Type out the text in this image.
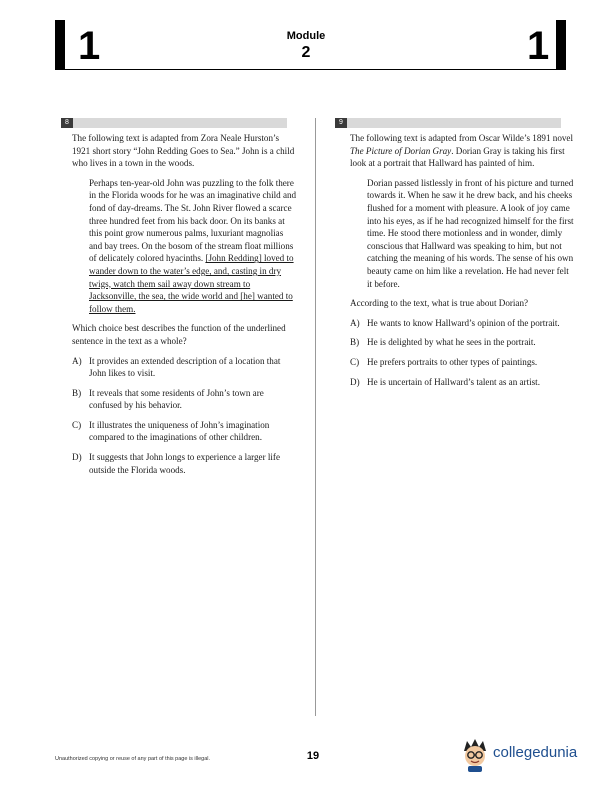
1	Module
2	1
8	9

The following text is adapted from Zora Neale Hurston’s 1921 short story “John Redding Goes to Sea.” John is a child who lives in a town in the woods.

Perhaps ten-year-old John was puzzling to the folk there in the Florida woods for he was an imaginative child and fond of day-dreams. The St. John River flowed a scarce three hundred feet from his back door. On its banks at this point grow numerous palms, luxuriant magnolias and bay trees. On the bosom of the stream float millions of delicately colored hyacinths. [John Redding] loved to wander down to the water’s edge, and, casting in dry twigs, watch them sail away down stream to Jacksonville, the sea, the wide world and [he] wanted to follow them.

Which choice best describes the function of the underlined sentence in the text as a whole?

A) It provides an extended description of a location that John likes to visit.
B) It reveals that some residents of John’s town are confused by his behavior.
C) It illustrates the uniqueness of John’s imagination compared to the imaginations of other children.
D) It suggests that John longs to experience a larger life outside the Florida woods.

The following text is adapted from Oscar Wilde’s 1891 novel The Picture of Dorian Gray. Dorian Gray is taking his first look at a portrait that Hallward has painted of him.

Dorian passed listlessly in front of his picture and turned towards it. When he saw it he drew back, and his cheeks flushed for a moment with pleasure. A look of joy came into his eyes, as if he had recognized himself for the first time. He stood there motionless and in wonder, dimly conscious that Hallward was speaking to him, but not catching the meaning of his words. The sense of his own beauty came on him like a revelation. He had never felt it before.

According to the text, what is true about Dorian?

A) He wants to know Hallward’s opinion of the portrait.
B) He is delighted by what he sees in the portrait.
C) He prefers portraits to other types of paintings.
D) He is uncertain of Hallward’s talent as an artist.
Unauthorized copying or reuse of any part of this page is illegal.	19	collegedunia
